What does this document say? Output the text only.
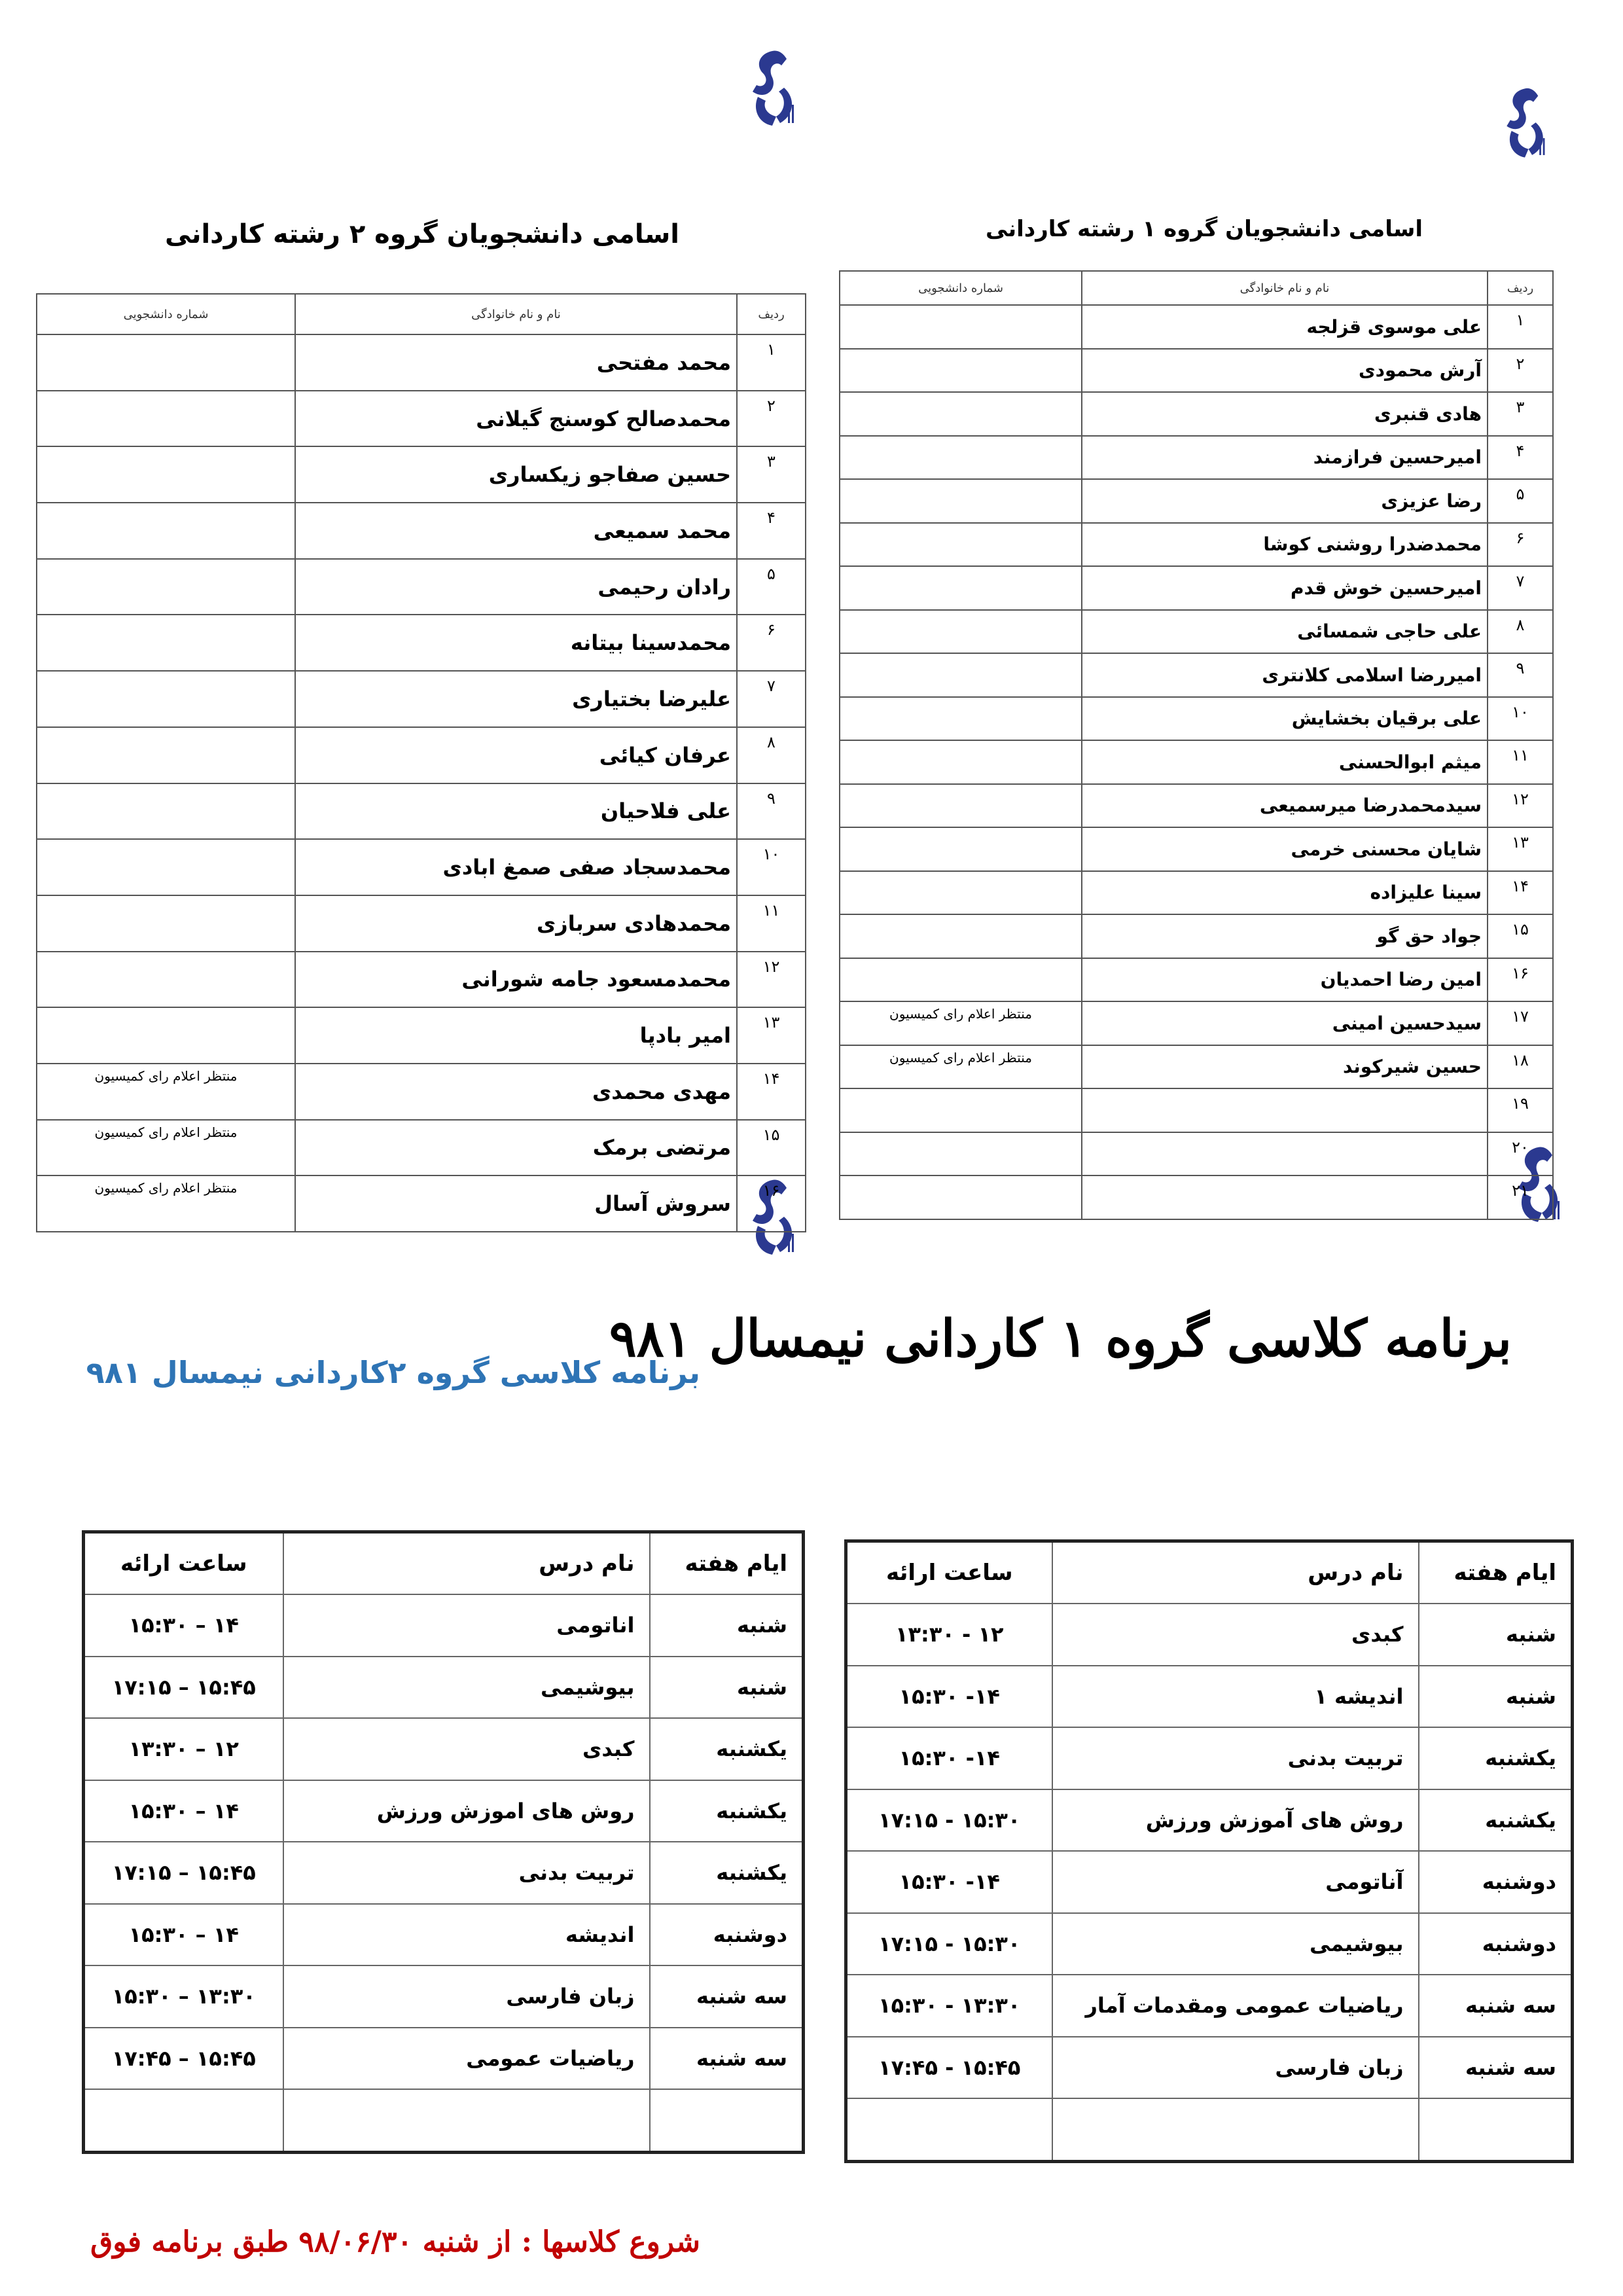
اسامی دانشجویان گروه ۱ رشته کاردانی
ردیف	نام و نام خانوادگی	شماره دانشجویی
۱	علی موسوی قزلجه	
۲	آرش محمودی	
۳	هادی قنبری	
۴	امیرحسین فرازمند	
۵	رضا عزیزی	
۶	محمدضدرا روشنی کوشا	
۷	امیرحسین خوش قدم	
۸	علی حاجی شمسائی	
۹	امیررضا اسلامی کلانتری	
۱۰	علی برقیان بخشایش	
۱۱	میثم ابوالحسنی	
۱۲	سیدمحمدرضا میرسمیعی	
۱۳	شایان محسنی خرمی	
۱۴	سینا علیزاده	
۱۵	جواد حق گو	
۱۶	امین رضا احمدیان	
۱۷	سیدحسین امینی	منتظر اعلام رای کمیسیون
۱۸	حسین شیرکوند	منتظر اعلام رای کمیسیون
۱۹		
۲۰		
۲۱		
اسامی دانشجویان گروه ۲ رشته کاردانی
ردیف	نام و نام خانوادگی	شماره دانشجویی
۱	محمد مفتحی	
۲	محمدصالح کوسنج گیلانی	
۳	حسین صفاجو زیکساری	
۴	محمد سمیعی	
۵	رادان رحیمی	
۶	محمدسینا بیتانه	
۷	علیرضا بختیاری	
۸	عرفان کیائی	
۹	علی فلاحیان	
۱۰	محمدسجاد صفی صمغ ابادی	
۱۱	محمدهادی سربازی	
۱۲	محمدمسعود جامه شورانی	
۱۳	امیر بادپا	
۱۴	مهدی محمدی	منتظر اعلام رای کمیسیون
۱۵	مرتضی برمک	منتظر اعلام رای کمیسیون
۱۶	سروش آسال	منتظر اعلام رای کمیسیون
برنامه کلاسی گروه ۱ کاردانی نیمسال ۹۸۱
ایام هفته	نام درس	ساعت ارائه
شنبه	کبدی	۱۲ - ۱۳:۳۰
شنبه	اندیشه ۱	۱۴- ۱۵:۳۰
یکشنبه	تربیت بدنی	۱۴- ۱۵:۳۰
یکشنبه	روش های آموزش ورزش	۱۵:۳۰ - ۱۷:۱۵
دوشنبه	آناتومی	۱۴- ۱۵:۳۰
دوشنبه	بیوشیمی	۱۵:۳۰ - ۱۷:۱۵
سه شنبه	ریاضیات عمومی ومقدمات آمار	۱۳:۳۰ - ۱۵:۳۰
سه شنبه	زبان فارسی	۱۵:۴۵ - ۱۷:۴۵

برنامه کلاسی گروه ۲کاردانی نیمسال ۹۸۱
ایام هفته	نام درس	ساعت ارائه
شنبه	اناتومی	۱۴ – ۱۵:۳۰
شنبه	بیوشیمی	۱۵:۴۵ – ۱۷:۱۵
یکشنبه	کبدی	۱۲ – ۱۳:۳۰
یکشنبه	روش های اموزش ورزش	۱۴ – ۱۵:۳۰
یکشنبه	تربیت بدنی	۱۵:۴۵ – ۱۷:۱۵
دوشنبه	اندیشه	۱۴ – ۱۵:۳۰
سه شنبه	زبان فارسی	۱۳:۳۰ – ۱۵:۳۰
سه شنبه	ریاضیات عمومی	۱۵:۴۵ – ۱۷:۴۵

شروع کلاسها : از شنبه ۹۸/۰۶/۳۰ طبق برنامه فوق
